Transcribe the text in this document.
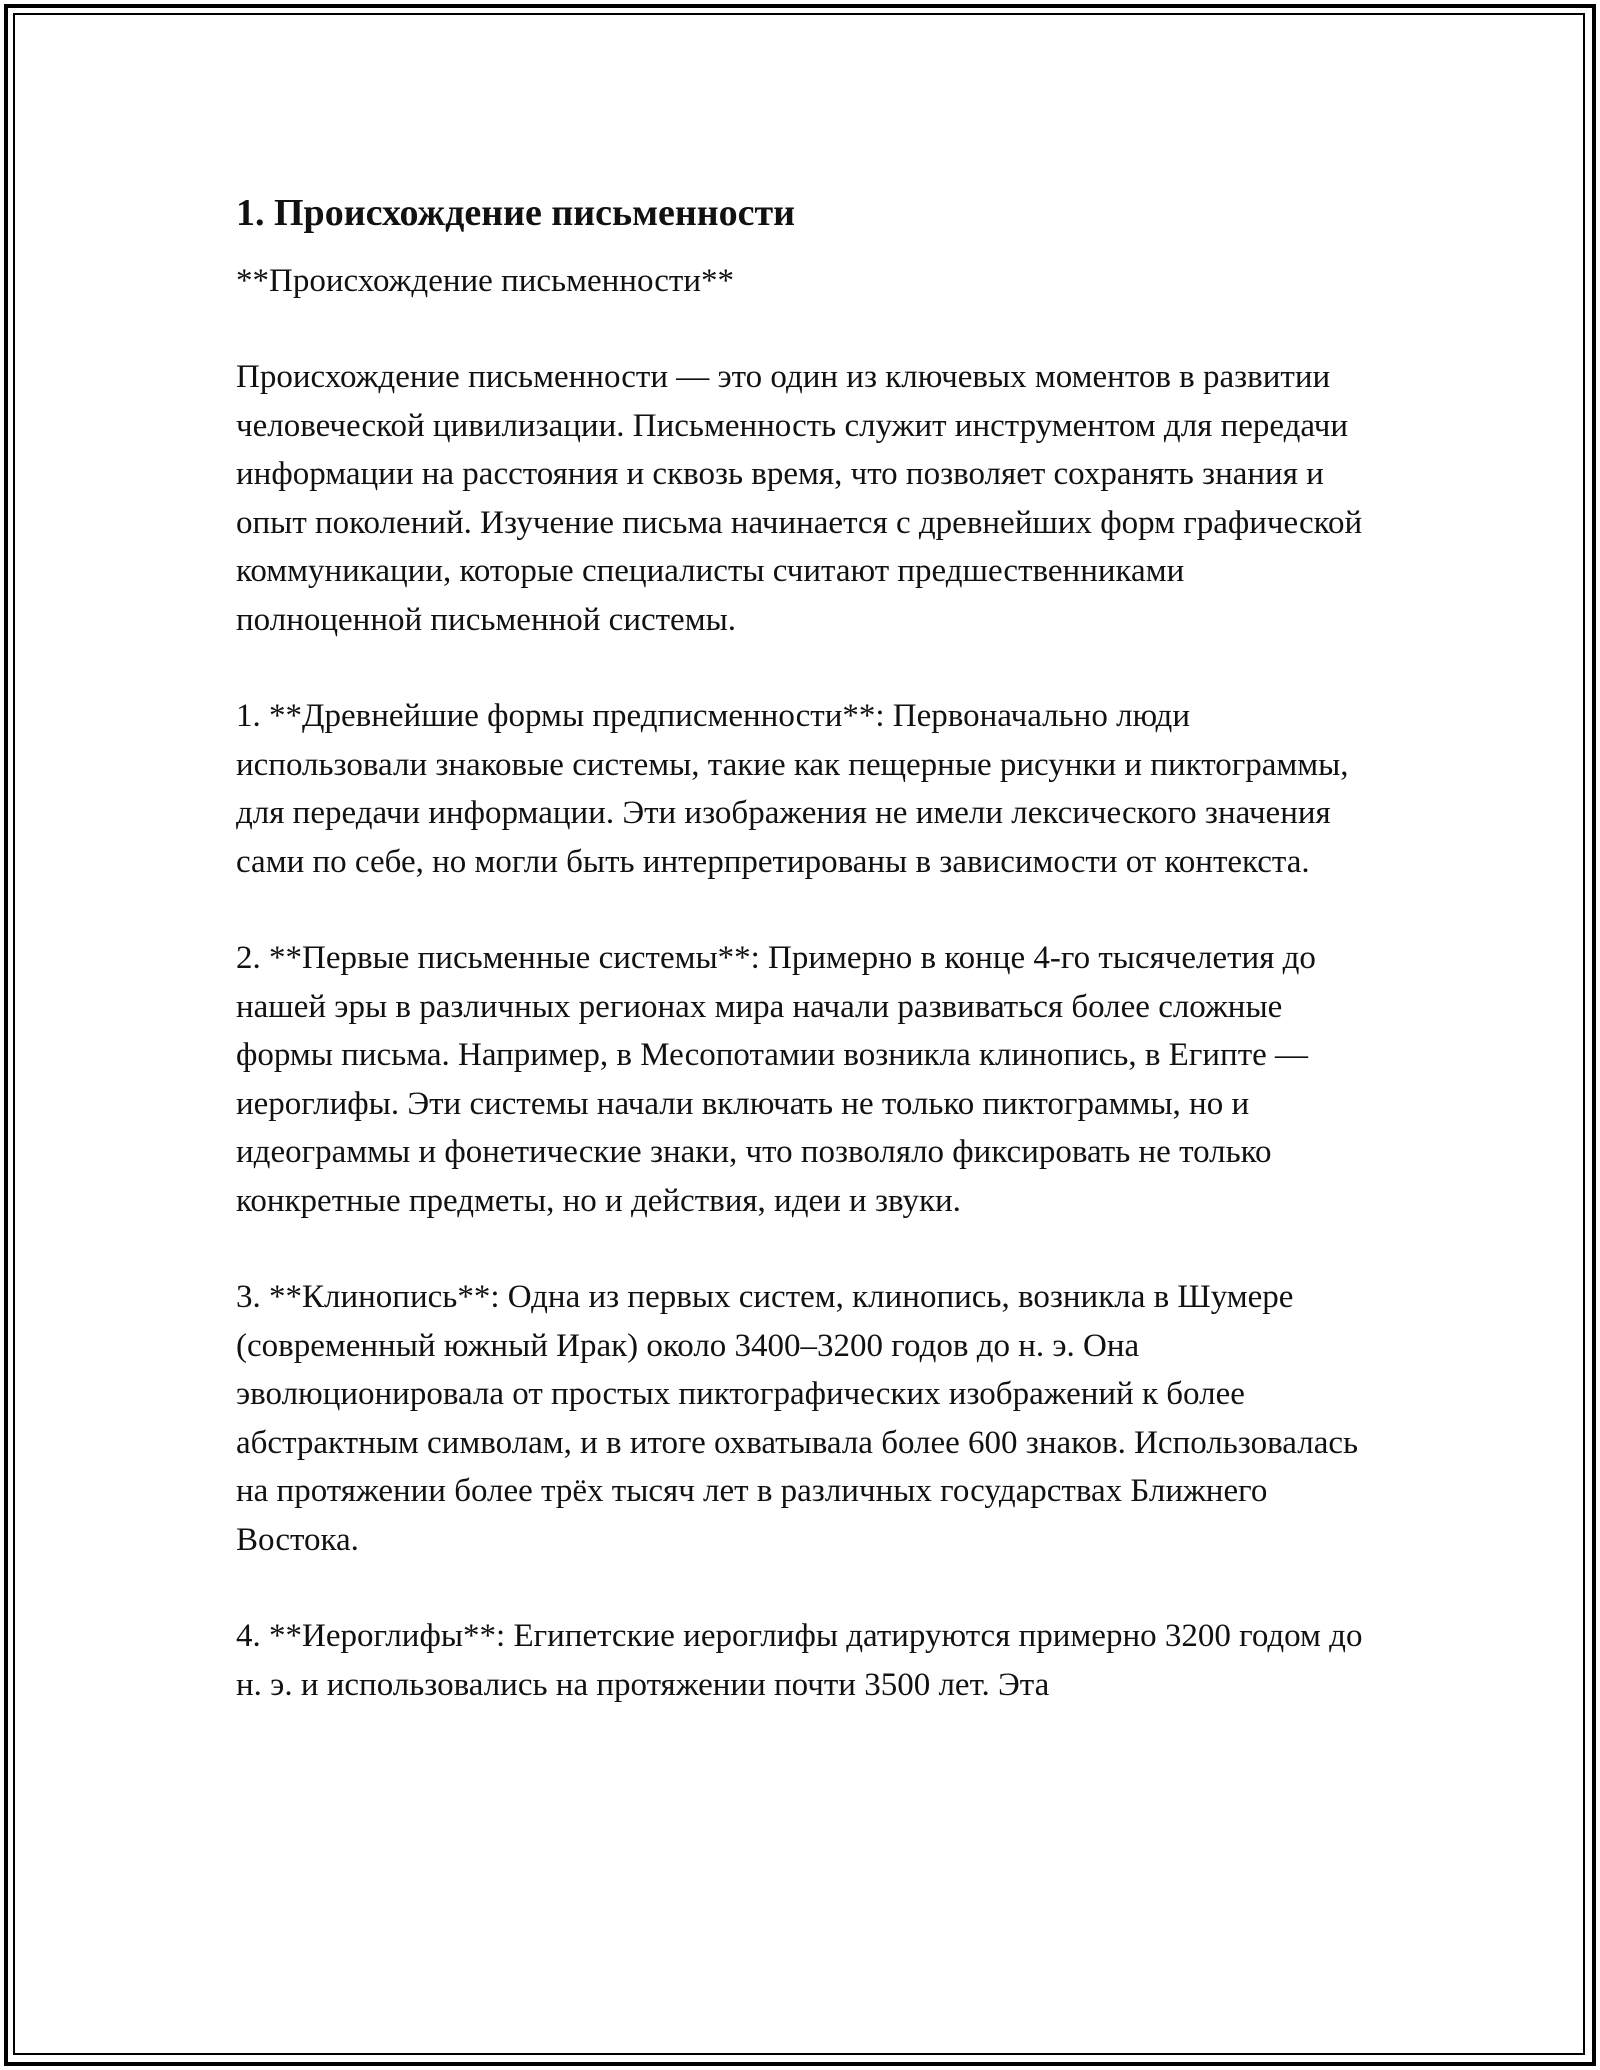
1. Происхождение письменности

**Происхождение письменности**

Происхождение письменности — это один из ключевых моментов в развитии человеческой цивилизации. Письменность служит инструментом для передачи информации на расстояния и сквозь время, что позволяет сохранять знания и опыт поколений. Изучение письма начинается с древнейших форм графической коммуникации, которые специалисты считают предшественниками полноценной письменной системы.

1. **Древнейшие формы предписменности**: Первоначально люди использовали знаковые системы, такие как пещерные рисунки и пиктограммы, для передачи информации. Эти изображения не имели лексического значения сами по себе, но могли быть интерпретированы в зависимости от контекста.

2. **Первые письменные системы**: Примерно в конце 4-го тысячелетия до нашей эры в различных регионах мира начали развиваться более сложные формы письма. Например, в Месопотамии возникла клинопись, в Египте — иероглифы. Эти системы начали включать не только пиктограммы, но и идеограммы и фонетические знаки, что позволяло фиксировать не только конкретные предметы, но и действия, идеи и звуки.

3. **Клинопись**: Одна из первых систем, клинопись, возникла в Шумере (современный южный Ирак) около 3400–3200 годов до н. э. Она эволюционировала от простых пиктографических изображений к более абстрактным символам, и в итоге охватывала более 600 знаков. Использовалась на протяжении более трёх тысяч лет в различных государствах Ближнего Востока.

4. **Иероглифы**: Египетские иероглифы датируются примерно 3200 годом до н. э. и использовались на протяжении почти 3500 лет. Эта
